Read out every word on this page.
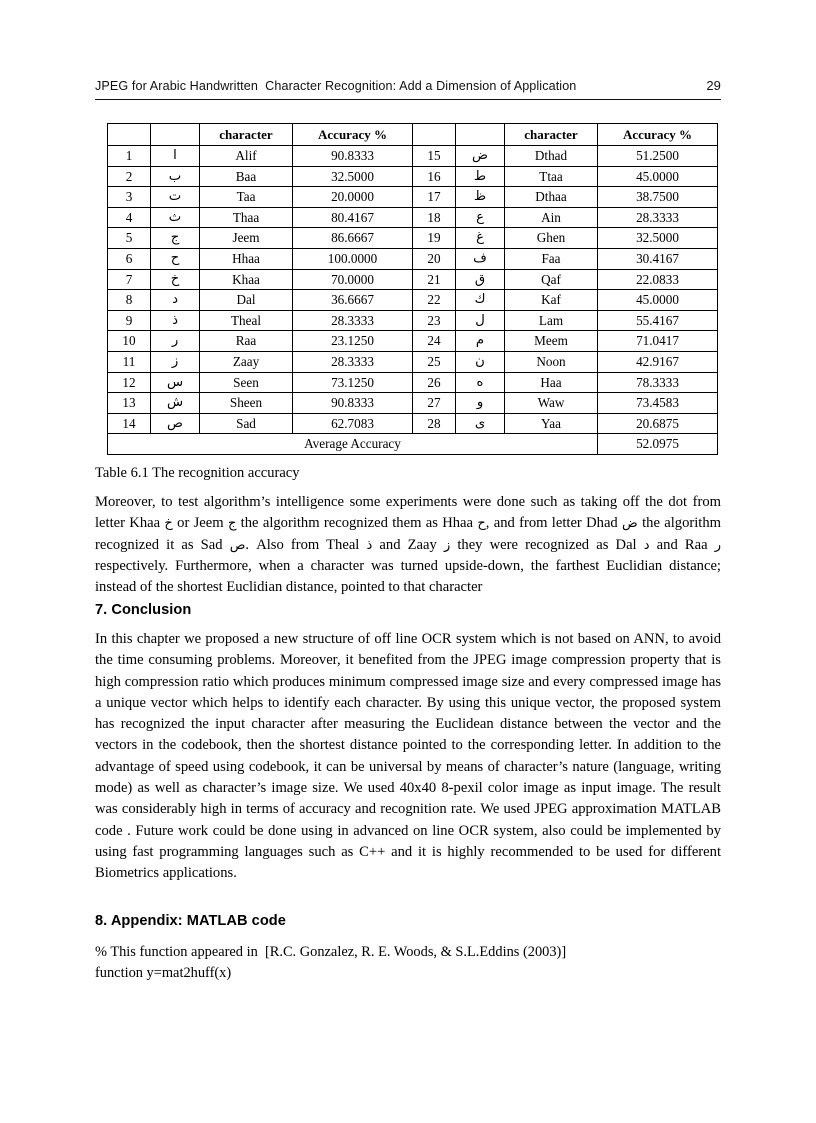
JPEG for Arabic Handwritten  Character Recognition: Add a Dimension of Application	29
		character	Accuracy %			character	Accuracy %
1	ا	Alif	90.8333	15	ض	Dthad	51.2500
2	ب	Baa	32.5000	16	ط	Ttaa	45.0000
3	ت	Taa	20.0000	17	ظ	Dthaa	38.7500
4	ث	Thaa	80.4167	18	ع	Ain	28.3333
5	ج	Jeem	86.6667	19	غ	Ghen	32.5000
6	ح	Hhaa	100.0000	20	ف	Faa	30.4167
7	خ	Khaa	70.0000	21	ق	Qaf	22.0833
8	د	Dal	36.6667	22	ك	Kaf	45.0000
9	ذ	Theal	28.3333	23	ل	Lam	55.4167
10	ر	Raa	23.1250	24	م	Meem	71.0417
11	ز	Zaay	28.3333	25	ن	Noon	42.9167
12	س	Seen	73.1250	26	ه	Haa	78.3333
13	ش	Sheen	90.8333	27	و	Waw	73.4583
14	ص	Sad	62.7083	28	ى	Yaa	20.6875
Average Accuracy							52.0975
Table 6.1 The recognition accuracy
Moreover, to test algorithm’s intelligence some experiments were done such as taking off the dot from letter Khaa خ or Jeem ج the algorithm recognized them as Hhaa ح, and from letter Dhad ض the algorithm recognized it as Sad ص. Also from Theal ذ and Zaay ز they were recognized as Dal د and Raa ر respectively. Furthermore, when a character was turned upside-down, the farthest Euclidian distance; instead of the shortest Euclidian distance, pointed to that character
7. Conclusion
In this chapter we proposed a new structure of off line OCR system which is not based on ANN, to avoid the time consuming problems. Moreover, it benefited from the JPEG image compression property that is high compression ratio which produces minimum compressed image size and every compressed image has a unique vector which helps to identify each character. By using this unique vector, the proposed system has recognized the input character after measuring the Euclidean distance between the vector and the vectors in the codebook, then the shortest distance pointed to the corresponding letter. In addition to the advantage of speed using codebook, it can be universal by means of character’s nature (language, writing mode) as well as character’s image size. We used 40x40 8-pexil color image as input image. The result was considerably high in terms of accuracy and recognition rate. We used JPEG approximation MATLAB code . Future work could be done using in advanced on line OCR system, also could be implemented by using fast programming languages such as C++ and it is highly recommended to be used for different Biometrics applications.
8. Appendix: MATLAB code
% This function appeared in  [R.C. Gonzalez, R. E. Woods, & S.L.Eddins (2003)]
function y=mat2huff(x)
